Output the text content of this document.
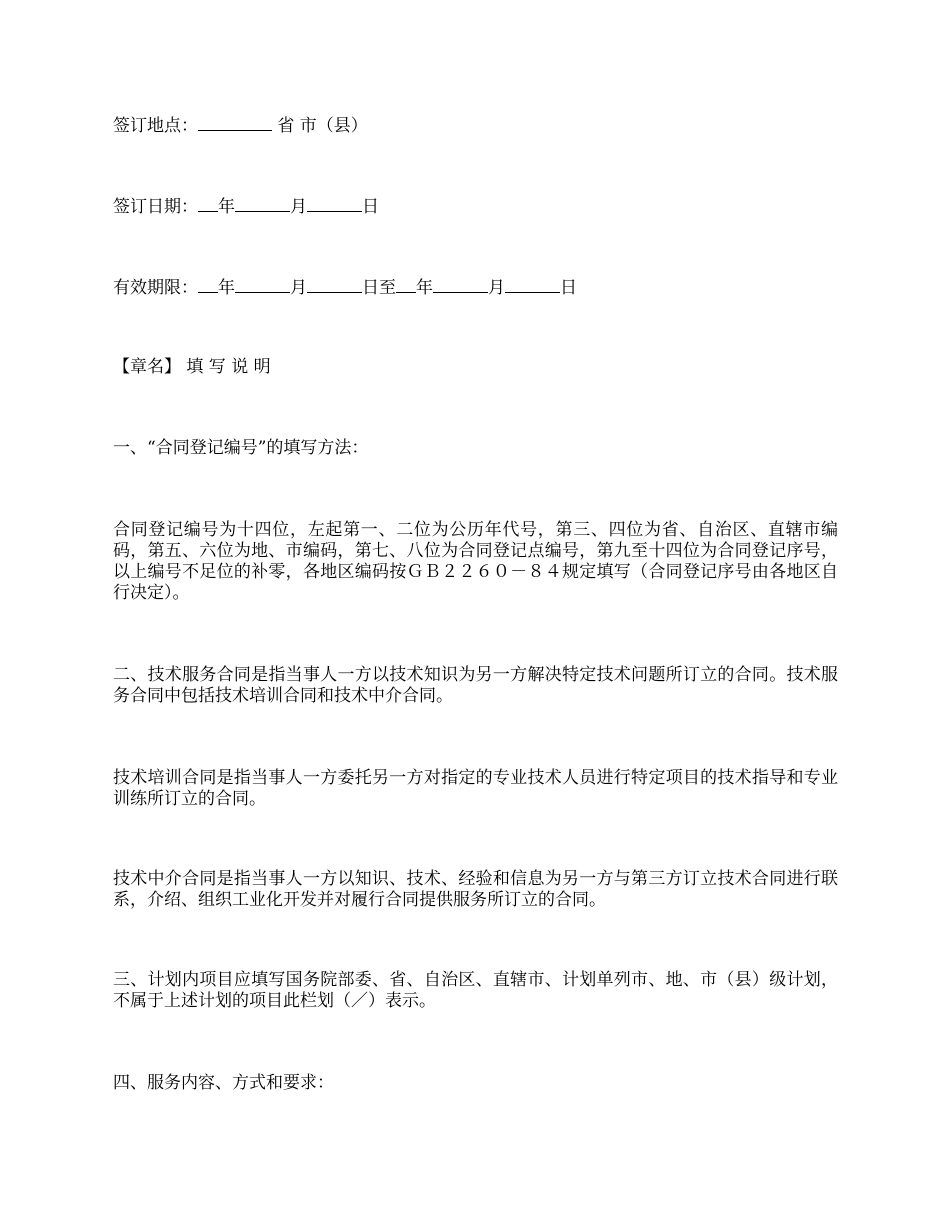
签订地点：	省 市（县）
签订日期： 年	月	日
有效期限： 年	月	日至 年	月	日
【章名】 填 写 说 明
一、“合同登记编号”的填写方法：
合同登记编号为十四位，左起第一、二位为公历年代号，第三、四位为省、自治区、直辖市编码，第五、六位为地、市编码，第七、八位为合同登记点编号，第九至十四位为合同登记序号，以上编号不足位的补零，各地区编码按ＧＢ２２６０－８４规定填写（合同登记序号由各地区自行决定）。
二、技术服务合同是指当事人一方以技术知识为另一方解决特定技术问题所订立的合同。技术服务合同中包括技术培训合同和技术中介合同。
技术培训合同是指当事人一方委托另一方对指定的专业技术人员进行特定项目的技术指导和专业训练所订立的合同。
技术中介合同是指当事人一方以知识、技术、经验和信息为另一方与第三方订立技术合同进行联系，介绍、组织工业化开发并对履行合同提供服务所订立的合同。
三、计划内项目应填写国务院部委、省、自治区、直辖市、计划单列市、地、市（县）级计划，不属于上述计划的项目此栏划（／）表示。
四、服务内容、方式和要求：
